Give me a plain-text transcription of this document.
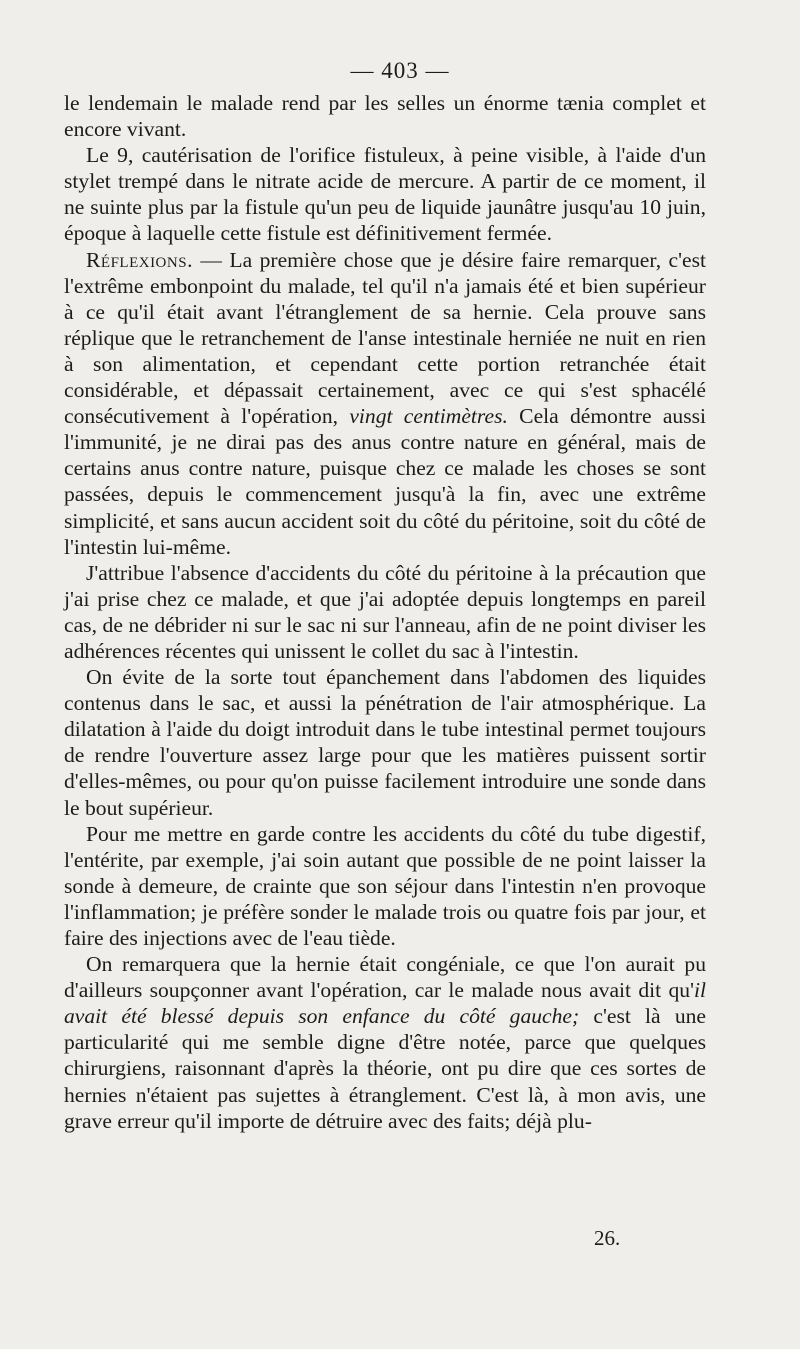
— 403 —

le lendemain le malade rend par les selles un énorme tænia complet et encore vivant.

Le 9, cautérisation de l'orifice fistuleux, à peine visible, à l'aide d'un stylet trempé dans le nitrate acide de mercure. A partir de ce moment, il ne suinte plus par la fistule qu'un peu de liquide jaunâtre jusqu'au 10 juin, époque à laquelle cette fistule est définitivement fermée.

Réflexions. — La première chose que je désire faire remarquer, c'est l'extrême embonpoint du malade, tel qu'il n'a jamais été et bien supérieur à ce qu'il était avant l'étranglement de sa hernie. Cela prouve sans réplique que le retranchement de l'anse intestinale herniée ne nuit en rien à son alimentation, et cependant cette portion retranchée était considérable, et dépassait certainement, avec ce qui s'est sphacélé consécutivement à l'opération, vingt centimètres. Cela démontre aussi l'immunité, je ne dirai pas des anus contre nature en général, mais de certains anus contre nature, puisque chez ce malade les choses se sont passées, depuis le commencement jusqu'à la fin, avec une extrême simplicité, et sans aucun accident soit du côté du péritoine, soit du côté de l'intestin lui-même.

J'attribue l'absence d'accidents du côté du péritoine à la précaution que j'ai prise chez ce malade, et que j'ai adoptée depuis longtemps en pareil cas, de ne débrider ni sur le sac ni sur l'anneau, afin de ne point diviser les adhérences récentes qui unissent le collet du sac à l'intestin.

On évite de la sorte tout épanchement dans l'abdomen des liquides contenus dans le sac, et aussi la pénétration de l'air atmosphérique. La dilatation à l'aide du doigt introduit dans le tube intestinal permet toujours de rendre l'ouverture assez large pour que les matières puissent sortir d'elles-mêmes, ou pour qu'on puisse facilement introduire une sonde dans le bout supérieur.

Pour me mettre en garde contre les accidents du côté du tube digestif, l'entérite, par exemple, j'ai soin autant que possible de ne point laisser la sonde à demeure, de crainte que son séjour dans l'intestin n'en provoque l'inflammation; je préfère sonder le malade trois ou quatre fois par jour, et faire des injections avec de l'eau tiède.

On remarquera que la hernie était congéniale, ce que l'on aurait pu d'ailleurs soupçonner avant l'opération, car le malade nous avait dit qu'il avait été blessé depuis son enfance du côté gauche; c'est là une particularité qui me semble digne d'être notée, parce que quelques chirurgiens, raisonnant d'après la théorie, ont pu dire que ces sortes de hernies n'étaient pas sujettes à étranglement. C'est là, à mon avis, une grave erreur qu'il importe de détruire avec des faits; déjà plu-

26.
